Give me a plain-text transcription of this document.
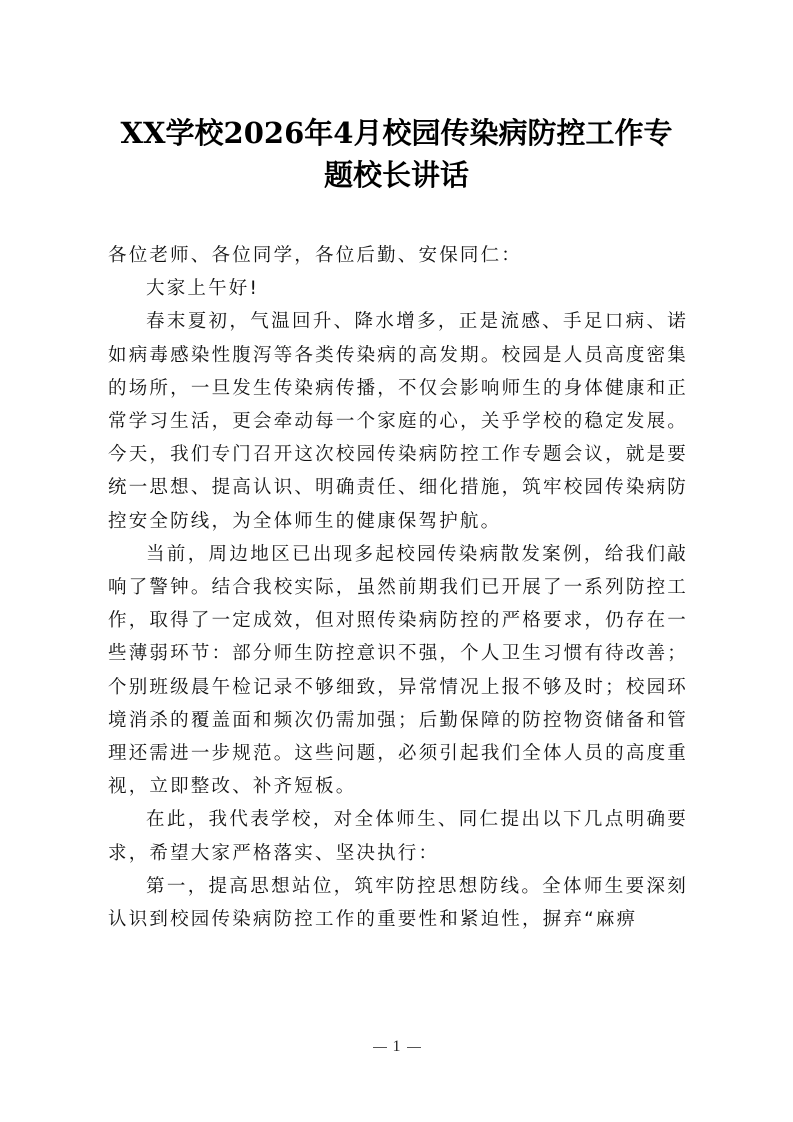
XX学校2026年4月校园传染病防控工作专
题校长讲话

各位老师、各位同学，各位后勤、安保同仁：

大家上午好!

春末夏初，气温回升、降水增多，正是流感、手足口病、诺如病毒感染性腹泻等各类传染病的高发期。校园是人员高度密集的场所，一旦发生传染病传播，不仅会影响师生的身体健康和正常学习生活，更会牵动每一个家庭的心，关乎学校的稳定发展。今天，我们专门召开这次校园传染病防控工作专题会议，就是要统一思想、提高认识、明确责任、细化措施，筑牢校园传染病防控安全防线，为全体师生的健康保驾护航。

当前，周边地区已出现多起校园传染病散发案例，给我们敲响了警钟。结合我校实际，虽然前期我们已开展了一系列防控工作，取得了一定成效，但对照传染病防控的严格要求，仍存在一些薄弱环节：部分师生防控意识不强，个人卫生习惯有待改善；个别班级晨午检记录不够细致，异常情况上报不够及时；校园环境消杀的覆盖面和频次仍需加强；后勤保障的防控物资储备和管理还需进一步规范。这些问题，必须引起我们全体人员的高度重视，立即整改、补齐短板。

在此，我代表学校，对全体师生、同仁提出以下几点明确要求，希望大家严格落实、坚决执行：

第一，提高思想站位，筑牢防控思想防线。全体师生要深刻认识到校园传染病防控工作的重要性和紧迫性，摒弃“麻痹

1
